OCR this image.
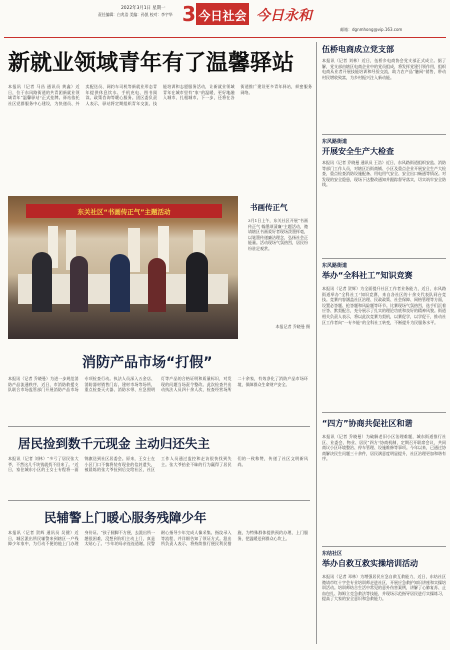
2022年3月1日 星期一
责任编辑：白兆浩 美编：孙凯 校对：李宇华 3 今日社会 今日永和
邮箱：dgnmhong@vip.163.com
新就业领域青年有了温馨驿站
本报讯（记者 马昌 通讯员 黄鑫）近日，位于东风路街道的共青团新就业领域青年“温馨驿站”正式挂牌。驿站依托社区党群服务中心建设，为快递员、外卖配送员、网约车司机等新就业形态青年提供休息饮水、手机充电、图书阅读、政策咨询等暖心服务。团区委负责人表示，驿站将定期组织青年交流、技能培训和志愿服务活动，让新就业领域青年在城市里有“家”的温暖，更好地融入城市、扎根城市。下一步，还将在各街道推广建设更多青年驿站，织密服务网络。
东关社区“书画传正气”主题活动	书画传正气
3月1日上午，东关社区开展“书画传正气 翰墨颂清廉”主题活动，邀请辖区书画爱好者现场泼墨挥毫，以笔墨传递廉洁理念，弘扬社会正能量。活动现场气氛热烈，居民纷纷驻足观赏。
本报记者 乔晓曼 摄
消防产品市场“打假”
本报讯（记者 乔晓曼）为进一步规范消防产品流通秩序，近日，市消防救援支队联合市场监管部门开展消防产品市场专项检查行动。执法人员深入五金店、消防器材销售门店、建材市场等场所，重点检查灭火器、消防水带、应急照明灯等产品的合格证明和质量标识，对发现的问题当场责令整改。此次检查共出动执法人员四十余人次，检查经营场所二十余家，有效净化了消防产品市场环境，保障群众生命财产安全。
居民捡到数千元现金 主动归还失主
本报讯（记者 刘林）“多亏了居民张大爷，不然这几千块钱就找不回来了。”近日，家住城东小区的王女士专程将一面锦旗送到社区居委会。原来，王女士在小区门口不慎将装有现金的信封遗失，被晨练的张大爷捡到后交给社区，社区工作人员通过监控和走访很快找到失主。张大爷拾金不昧的行为赢得了居民们的一致称赞，传递了社区文明新风尚。
民辅警上门暖心服务残障少年
本报讯（记者 贺辉 通讯员 吴健）近日，城区派出所民辅警来到辖区一户残障少年家中，为行动不便的他上门办理身份证。“孩子腿脚不方便，去派出所一趟很困难，没想到你们主动上门，真是太贴心了。”少年的母亲连连道谢。民警耐心指导少年完成人像采集、指纹录入等流程，并详细告知了领证方式。派出所负责人表示，将持续推行便民利民措施，为特殊群体提供预约办理、上门服务，把温暖送到群众心坎上。
伍桥电商成立党支部
本报讯（记者 刘林）近日，伍桥乡电商协会党支部正式成立。据了解，党支部由辖区电商企业中的党员组成，将发挥党建引领作用，组织电商从业者开展技能培训和经验交流，助力农产品“触网”销售，带动村民增收致富，为乡村振兴注入新动能。
东风路街道
开展安全生产大检查
本报讯（记者 乔晓曼 通讯员 王浩）近日，东风路街道组织安监、消防等部门工作人员，对辖区沿街商铺、小区及重点企业开展安全生产大检查，重点检查消防设施配备、用电用气安全、安全出口畅通等情况。对发现的安全隐患，现场下达整改通知并跟踪督导落实，切实筑牢安全防线。
东风路街道
举办“全科社工”知识竞赛
本报讯（记者 贺辉）为全面提升社区工作者业务能力，近日，东风路街道举办“全科社工”知识竞赛，来自各社区的十余支代表队同台竞技。竞赛内容涵盖社区治理、民政政策、社会保障、网格管理等方面，设置必答题、抢答题和风险题等环节。比赛现场气氛热烈，选手们沉着应答、默契配合，充分展示了扎实的理论功底和良好的精神风貌。街道相关负责人表示，将以此次竞赛为契机，以赛促学，以学促干，推动社区工作者向“一专多能”的全科社工转变，不断提升为民服务水平。
“四方”协商共促社区和谐
本报讯（记者 乔晓曼）为破解老旧小区治理难题，城东街道推行社区、业委会、物业、居民“四方”协商机制，定期召开联席会议，共同商议小区环境整治、停车管理、设施维修等事项。今年以来，已通过协商解决民生问题三十余件，居民满意度明显提升，社区治理更加和谐有序。
东结社区
举办自救互救实操培训活动
本报讯（记者 邓林）为增强居民应急自救互救能力，近日，东结社区邀请市红十字会专业培训师走进社区，开展应急救护知识讲座和实操培训活动。培训师结合生活中常见的意外伤害案例，讲解了心肺复苏、止血包扎、海姆立克急救法等技能，并现场示范指导居民进行实操练习，提高了大家的安全意识和急救能力。
